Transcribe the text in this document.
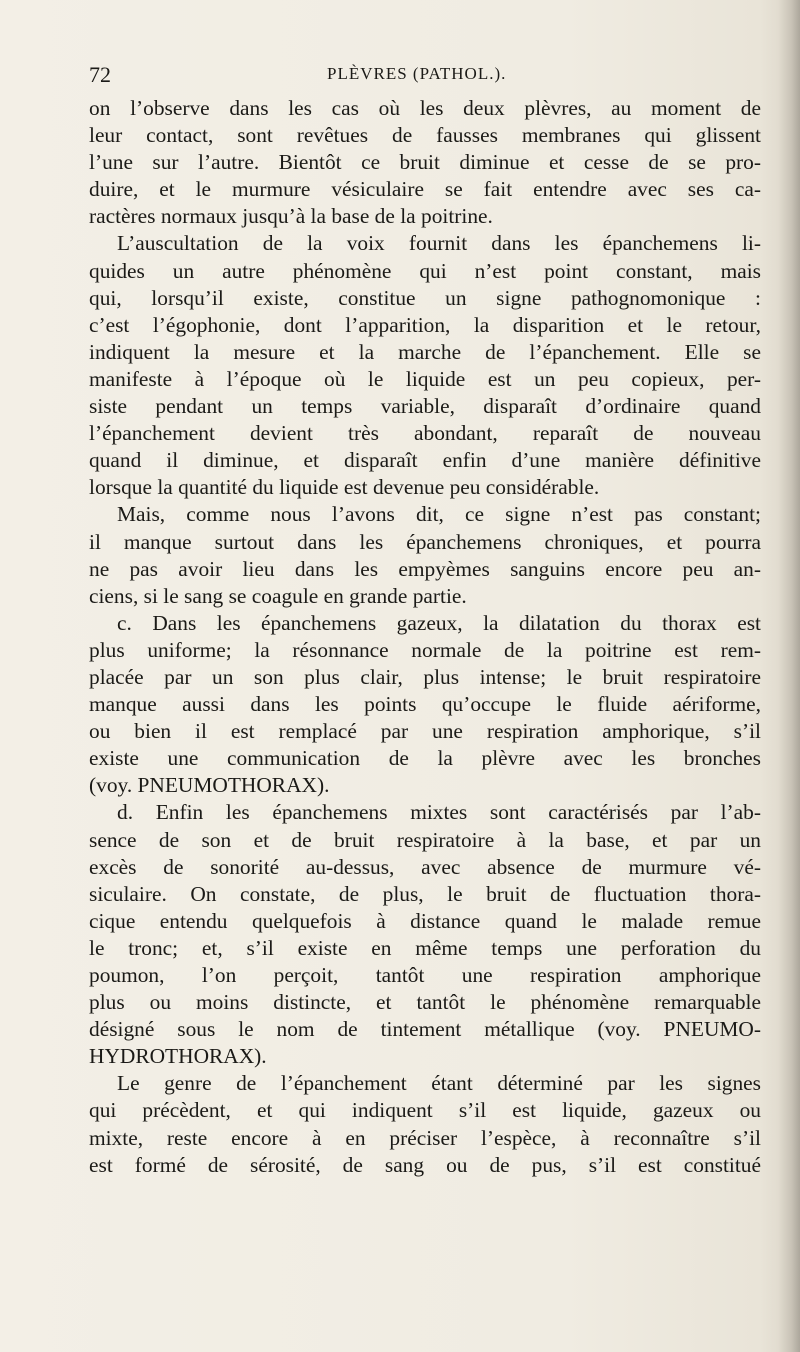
72	PLÈVRES (PATHOL.).
on l’observe dans les cas où les deux plèvres, au moment de
leur contact, sont revêtues de fausses membranes qui glissent
l’une sur l’autre. Bientôt ce bruit diminue et cesse de se pro-
duire, et le murmure vésiculaire se fait entendre avec ses ca-
ractères normaux jusqu’à la base de la poitrine.
L’auscultation de la voix fournit dans les épanchemens li-
quides un autre phénomène qui n’est point constant, mais
qui, lorsqu’il existe, constitue un signe pathognomonique :
c’est l’égophonie, dont l’apparition, la disparition et le retour,
indiquent la mesure et la marche de l’épanchement. Elle se
manifeste à l’époque où le liquide est un peu copieux, per-
siste pendant un temps variable, disparaît d’ordinaire quand
l’épanchement devient très abondant, reparaît de nouveau
quand il diminue, et disparaît enfin d’une manière définitive
lorsque la quantité du liquide est devenue peu considérable.
Mais, comme nous l’avons dit, ce signe n’est pas constant;
il manque surtout dans les épanchemens chroniques, et pourra
ne pas avoir lieu dans les empyèmes sanguins encore peu an-
ciens, si le sang se coagule en grande partie.
c. Dans les épanchemens gazeux, la dilatation du thorax est
plus uniforme; la résonnance normale de la poitrine est rem-
placée par un son plus clair, plus intense; le bruit respiratoire
manque aussi dans les points qu’occupe le fluide aériforme,
ou bien il est remplacé par une respiration amphorique, s’il
existe une communication de la plèvre avec les bronches
(voy. PNEUMOTHORAX).
d. Enfin les épanchemens mixtes sont caractérisés par l’ab-
sence de son et de bruit respiratoire à la base, et par un
excès de sonorité au-dessus, avec absence de murmure vé-
siculaire. On constate, de plus, le bruit de fluctuation thora-
cique entendu quelquefois à distance quand le malade remue
le tronc; et, s’il existe en même temps une perforation du
poumon, l’on perçoit, tantôt une respiration amphorique
plus ou moins distincte, et tantôt le phénomène remarquable
désigné sous le nom de tintement métallique (voy. PNEUMO-
HYDROTHORAX).
Le genre de l’épanchement étant déterminé par les signes
qui précèdent, et qui indiquent s’il est liquide, gazeux ou
mixte, reste encore à en préciser l’espèce, à reconnaître s’il
est formé de sérosité, de sang ou de pus, s’il est constitué
